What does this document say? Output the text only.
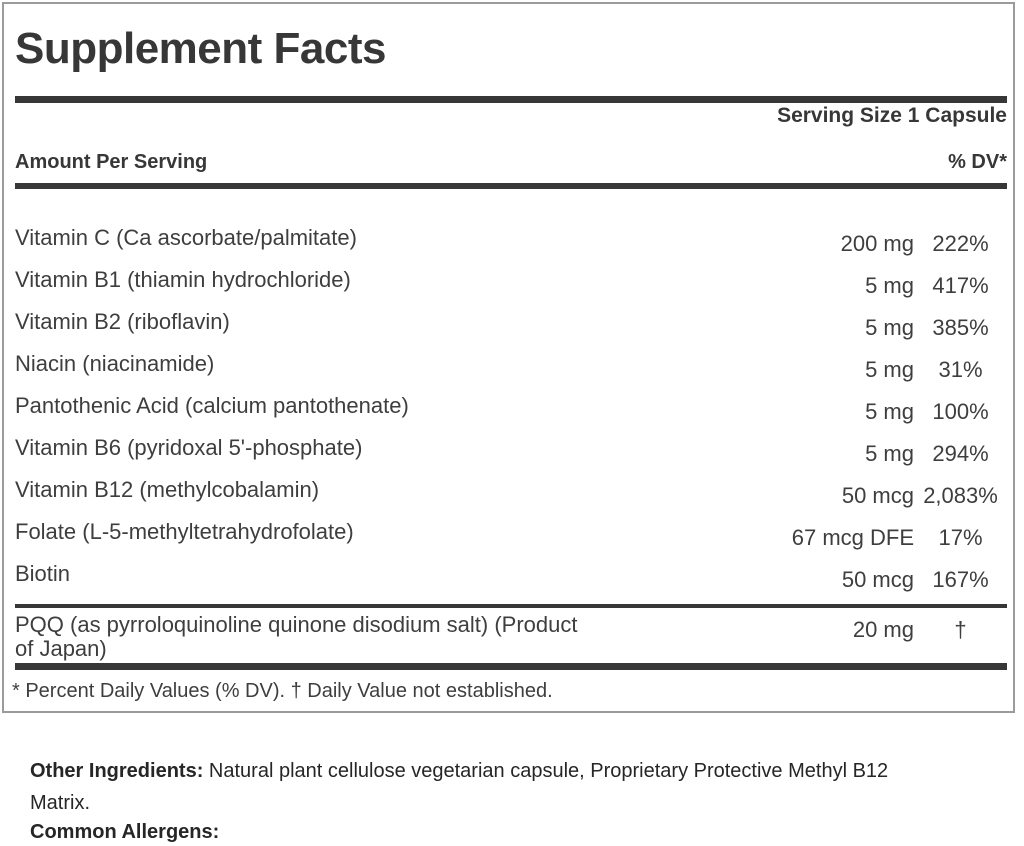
Supplement Facts
Serving Size 1 Capsule
Amount Per Serving	% DV*
Vitamin C (Ca ascorbate/palmitate)	200 mg 222%
Vitamin B1 (thiamin hydrochloride)	5 mg 417%
Vitamin B2 (riboflavin)	5 mg 385%
Niacin (niacinamide)	5 mg	31%
Pantothenic Acid (calcium pantothenate)	5 mg 100%
Vitamin B6 (pyridoxal 5'-phosphate)	5 mg 294%
Vitamin B12 (methylcobalamin)	50 mcg 2,083%
Folate (L-5-methyltetrahydrofolate)	67 mcg DFE	17%
Biotin	50 mcg 167%
PQQ (as pyrroloquinoline quinone disodium salt) (Product
of Japan)
20 mg	†
* Percent Daily Values (% DV). † Daily Value not established.

Other Ingredients: Natural plant cellulose vegetarian capsule, Proprietary Protective Methyl B12
Matrix.

Common Allergens:
